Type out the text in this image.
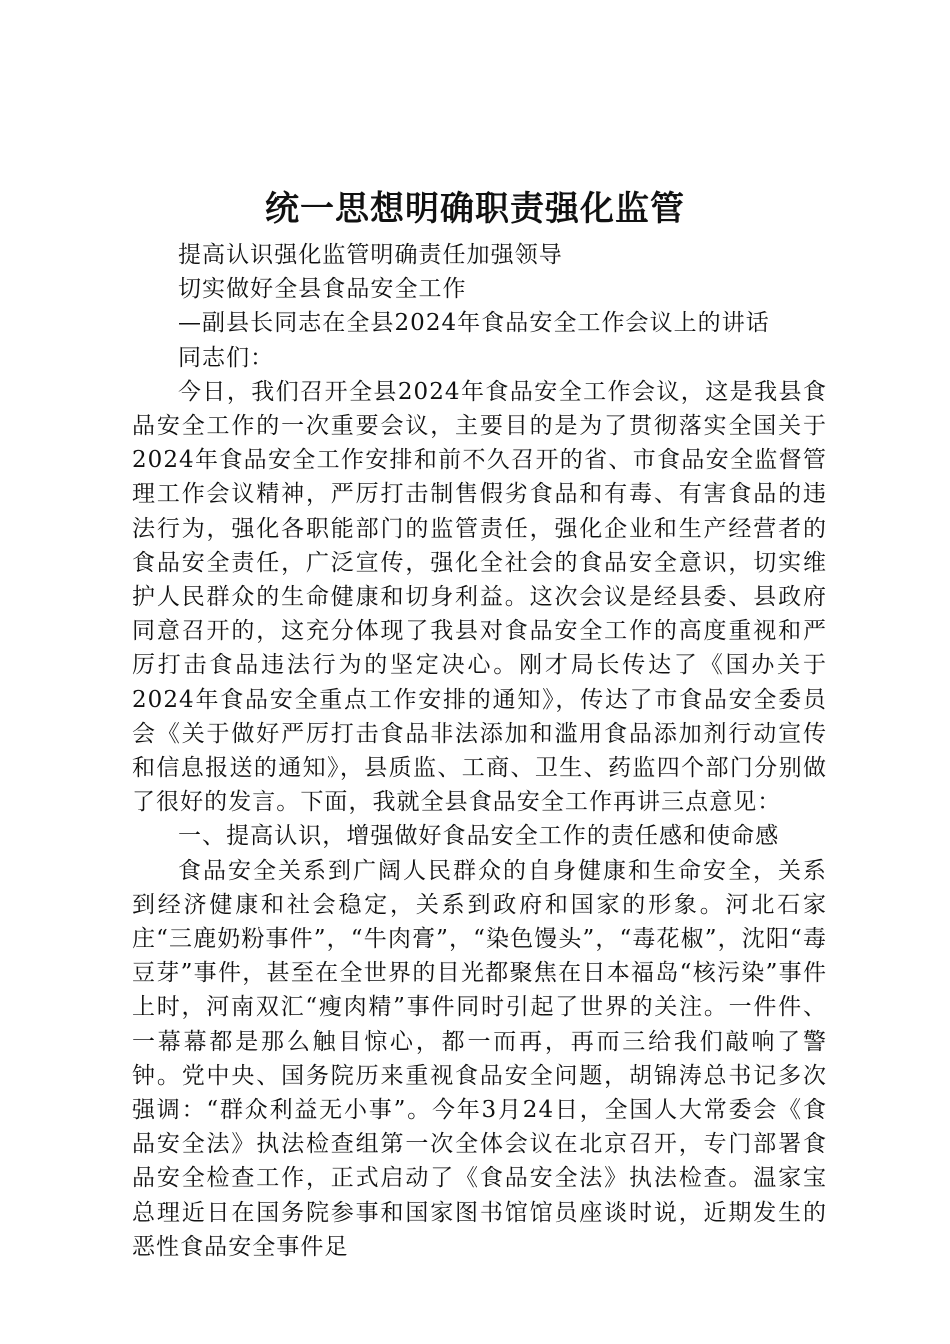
统一思想明确职责强化监管

提高认识强化监管明确责任加强领导

切实做好全县食品安全工作

—副县长同志在全县2024年食品安全工作会议上的讲话

同志们：

今日，我们召开全县2024年食品安全工作会议，这是我县食品安全工作的一次重要会议，主要目的是为了贯彻落实全国关于2024年食品安全工作安排和前不久召开的省、市食品安全监督管理工作会议精神，严厉打击制售假劣食品和有毒、有害食品的违法行为，强化各职能部门的监管责任，强化企业和生产经营者的食品安全责任，广泛宣传，强化全社会的食品安全意识，切实维护人民群众的生命健康和切身利益。这次会议是经县委、县政府同意召开的，这充分体现了我县对食品安全工作的高度重视和严厉打击食品违法行为的坚定决心。刚才局长传达了《国办关于2024年食品安全重点工作安排的通知》，传达了市食品安全委员会《关于做好严厉打击食品非法添加和滥用食品添加剂行动宣传和信息报送的通知》，县质监、工商、卫生、药监四个部门分别做了很好的发言。下面，我就全县食品安全工作再讲三点意见：

一、提高认识，增强做好食品安全工作的责任感和使命感

食品安全关系到广阔人民群众的自身健康和生命安全，关系到经济健康和社会稳定，关系到政府和国家的形象。河北石家庄“三鹿奶粉事件”，“牛肉膏”，“染色馒头”，“毒花椒”，沈阳“毒豆芽”事件，甚至在全世界的目光都聚焦在日本福岛“核污染”事件上时，河南双汇“瘦肉精”事件同时引起了世界的关注。一件件、一幕幕都是那么触目惊心，都一而再，再而三给我们敲响了警钟。党中央、国务院历来重视食品安全问题，胡锦涛总书记多次强调：“群众利益无小事”。今年3月24日，全国人大常委会《食品安全法》执法检查组第一次全体会议在北京召开，专门部署食品安全检查工作，正式启动了《食品安全法》执法检查。温家宝总理近日在国务院参事和国家图书馆馆员座谈时说，近期发生的恶性食品安全事件足
